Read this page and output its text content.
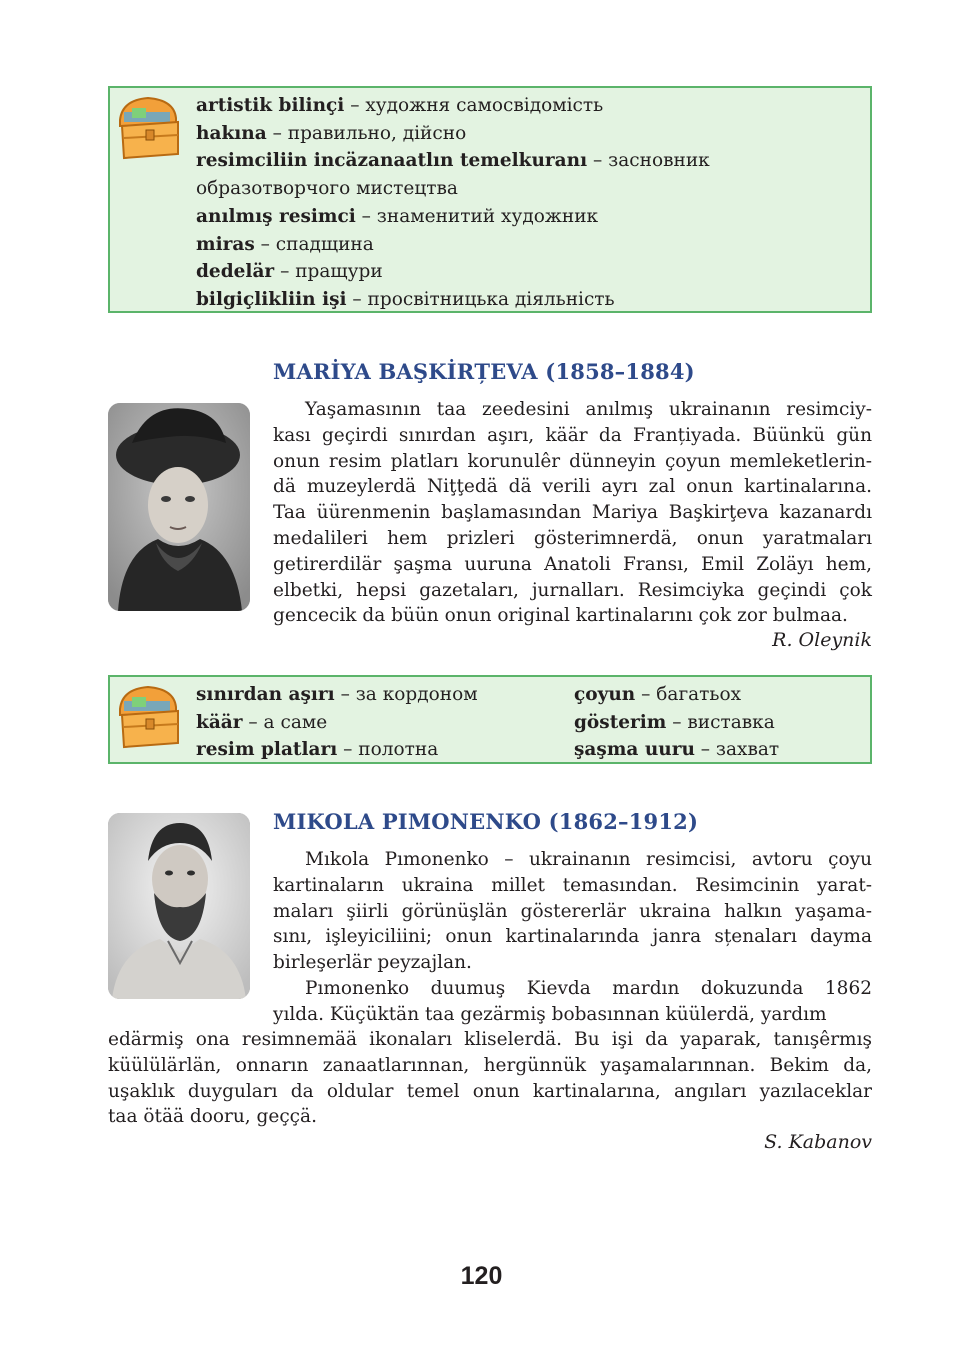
artistik bilinçi – художня самосвідомість
hakına – правильно, дійсно
resimciliin incäzanaatlın temelkuranı – засновник
образотворчого мистецтва
anılmış resimci – знаменитий художник
miras – спадщина
dedelär – пращури
bilgiçlikliin işi – просвітницька діяльність
MARİYA BAŞKİRȚEVA (1858–1884)
Yaşamasının taa zeedesini anılmış ukrainanın resimciy-
kası geçirdi sınırdan aşırı, käär da Franțiyada. Büünkü gün
onun resim platları korunulêr dünneyin çoyun memleketlerin-
dä muzeylerdä Niţţedä dä verili ayrı zal onun kartinalarına.
Taa üürenmenin başlamasından Mariya Başkirţeva kazanardı
medalileri hem prizleri gösterimnerdä, onun yaratmaları
getirerdilär şaşma uuruna Anatoli Fransı, Emil Zoläyı hem,
elbetki, hepsi gazetaları, jurnalları. Resimciyka geçindi çok
gencecik da büün onun original kartinalarını çok zor bulmaa.
R. Oleynik
sınırdan aşırı – за кордоном
käär – а саме
resim platları – полотна
çoyun – багатьох
gösterim – виставка
şaşma uuru – захват
MIKOLA PIMONENKO (1862–1912)
Mıkola Pımonenko – ukrainanın resimcisi, avtoru çoyu
kartinaların ukraina millet temasından. Resimcinin yarat-
maları şiirli görünüşlän göstererlär ukraina halkın yaşama-
sını, işleyiciliini; onun kartinalarında janra sțenaları dayma
birleşerlär peyzajlan.
Pımonenko duumuş Kievda mardın dokuzunda 1862
yılda. Küçüktän taa gezärmiş bobasınnan küülerdä, yardım
edärmiş ona resimnemää ikonaları kliselerdä. Bu işi da yaparak, tanışêrmış
küülülärlän, onnarın zanaatlarınnan, hergünnük yaşamalarınnan. Bekim da,
uşaklık duyguları da oldular temel onun kartinalarına, angıları yazılaceklar
taa ötää dooru, geççä.
S. Kabanov
120
